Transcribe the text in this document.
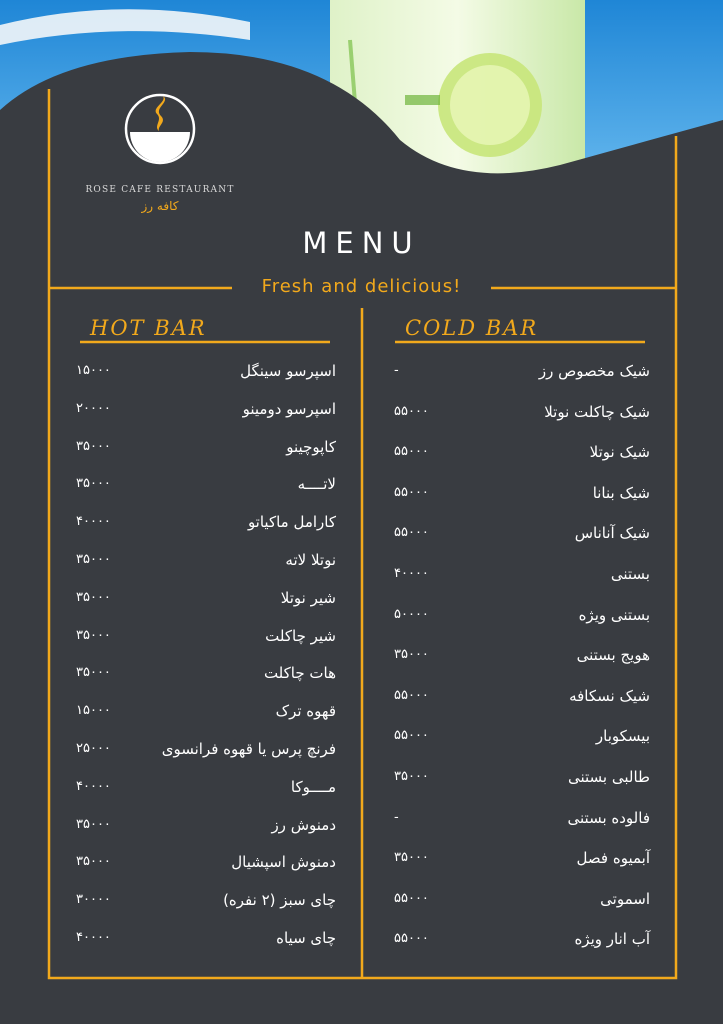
ROSE CAFE RESTAURANT
کافه رز
MENU
Fresh and delicious!
HOT BAR	COLD BAR
اسپرسو سینگل
۱۵۰۰۰
اسپرسو دومینو
۲۰۰۰۰
کاپوچینو
۳۵۰۰۰
لاتــــه
۳۵۰۰۰
کارامل ماکیاتو
۴۰۰۰۰
نوتلا لاته
۳۵۰۰۰
شیر نوتلا
۳۵۰۰۰
شیر چاکلت
۳۵۰۰۰
هات چاکلت
۳۵۰۰۰
قهوه ترک
۱۵۰۰۰
فرنچ پرس یا قهوه فرانسوی
۲۵۰۰۰
مــــوکا
۴۰۰۰۰
دمنوش رز
۳۵۰۰۰
دمنوش اسپشیال
۳۵۰۰۰
چای سبز (۲ نفره)
۳۰۰۰۰
چای سیاه
۴۰۰۰۰
شیک مخصوص رز
-
شیک چاکلت نوتلا
۵۵۰۰۰
شیک نوتلا
۵۵۰۰۰
شیک بنانا
۵۵۰۰۰
شیک آناناس
۵۵۰۰۰
بستنی
۴۰۰۰۰
بستنی ویژه
۵۰۰۰۰
هویج بستنی
۳۵۰۰۰
شیک نسکافه
۵۵۰۰۰
بیسکوبار
۵۵۰۰۰
طالبی بستنی
۳۵۰۰۰
فالوده بستنی
-
آبمیوه فصل
۳۵۰۰۰
اسموتی
۵۵۰۰۰
آب انار ویژه
۵۵۰۰۰
